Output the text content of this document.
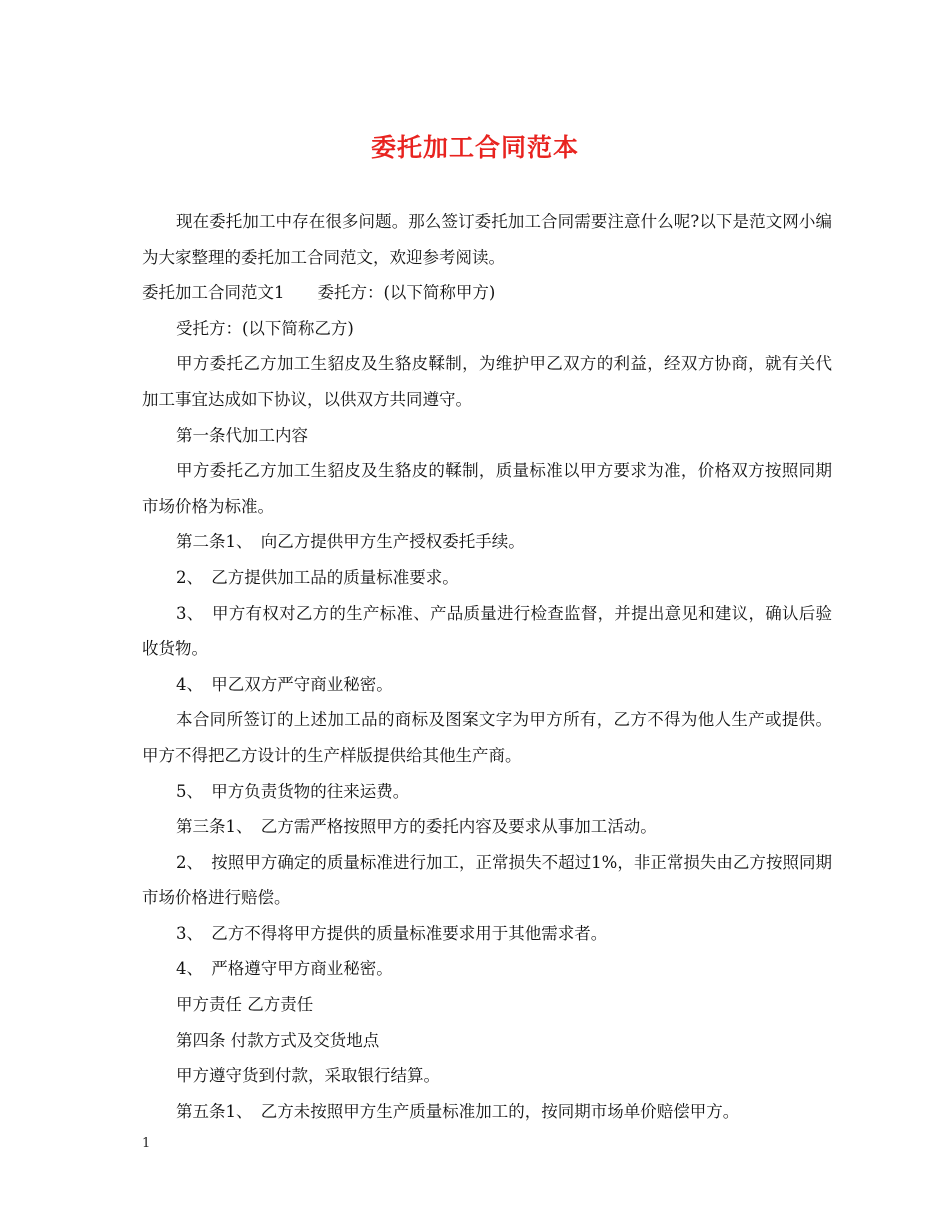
委托加工合同范本

现在委托加工中存在很多问题。那么签订委托加工合同需要注意什么呢?以下是范文网小编为大家整理的委托加工合同范文，欢迎参考阅读。

委托加工合同范文1　　委托方：(以下简称甲方)

受托方：(以下简称乙方)

甲方委托乙方加工生貂皮及生貉皮鞣制，为维护甲乙双方的利益，经双方协商，就有关代加工事宜达成如下协议，以供双方共同遵守。

第一条代加工内容

甲方委托乙方加工生貂皮及生貉皮的鞣制，质量标准以甲方要求为准，价格双方按照同期市场价格为标准。

第二条1、　向乙方提供甲方生产授权委托手续。

2、　乙方提供加工品的质量标准要求。

3、　甲方有权对乙方的生产标准、产品质量进行检查监督，并提出意见和建议，确认后验收货物。

4、　甲乙双方严守商业秘密。

本合同所签订的上述加工品的商标及图案文字为甲方所有，乙方不得为他人生产或提供。甲方不得把乙方设计的生产样版提供给其他生产商。

5、　甲方负责货物的往来运费。

第三条1、　乙方需严格按照甲方的委托内容及要求从事加工活动。

2、　按照甲方确定的质量标准进行加工，正常损失不超过1%，非正常损失由乙方按照同期市场价格进行赔偿。

3、　乙方不得将甲方提供的质量标准要求用于其他需求者。

4、　严格遵守甲方商业秘密。

甲方责任 乙方责任

第四条 付款方式及交货地点

甲方遵守货到付款，采取银行结算。

第五条1、　乙方未按照甲方生产质量标准加工的，按同期市场单价赔偿甲方。

1
